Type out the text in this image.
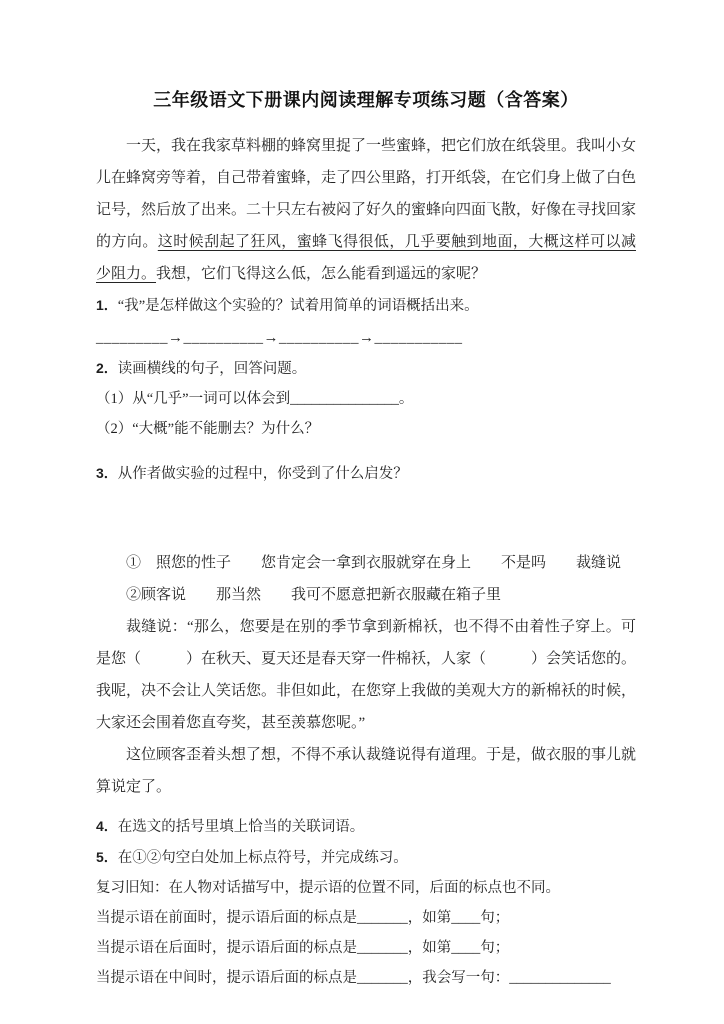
三年级语文下册课内阅读理解专项练习题（含答案）

一天，我在我家草料棚的蜂窝里捉了一些蜜蜂，把它们放在纸袋里。我叫小女儿在蜂窝旁等着，自己带着蜜蜂，走了四公里路，打开纸袋，在它们身上做了白色记号，然后放了出来。二十只左右被闷了好久的蜜蜂向四面飞散，好像在寻找回家的方向。这时候刮起了狂风，蜜蜂飞得很低，几乎要触到地面，大概这样可以减少阻力。我想，它们飞得这么低，怎么能看到遥远的家呢？

1．“我”是怎样做这个实验的？试着用简单的词语概括出来。

_________→__________→__________→___________

2．读画横线的句子，回答问题。

（1）从“几乎”一词可以体会到_______________。

（2）“大概”能不能删去？为什么？

3．从作者做实验的过程中，你受到了什么启发？

①　照您的性子　　您肯定会一拿到衣服就穿在身上　　不是吗　　裁缝说

②顾客说　　那当然　　我可不愿意把新衣服藏在箱子里

裁缝说：“那么，您要是在别的季节拿到新棉袄，也不得不由着性子穿上。可是您（　　　）在秋天、夏天还是春天穿一件棉袄，人家（　　　）会笑话您的。我呢，决不会让人笑话您。非但如此，在您穿上我做的美观大方的新棉袄的时候，大家还会围着您直夸奖，甚至羡慕您呢。”

这位顾客歪着头想了想，不得不承认裁缝说得有道理。于是，做衣服的事儿就算说定了。

4．在选文的括号里填上恰当的关联词语。

5．在①②句空白处加上标点符号，并完成练习。

复习旧知：在人物对话描写中，提示语的位置不同，后面的标点也不同。

当提示语在前面时，提示语后面的标点是_______，如第____句；

当提示语在后面时，提示语后面的标点是_______，如第____句；

当提示语在中间时，提示语后面的标点是_______，我会写一句：______________
